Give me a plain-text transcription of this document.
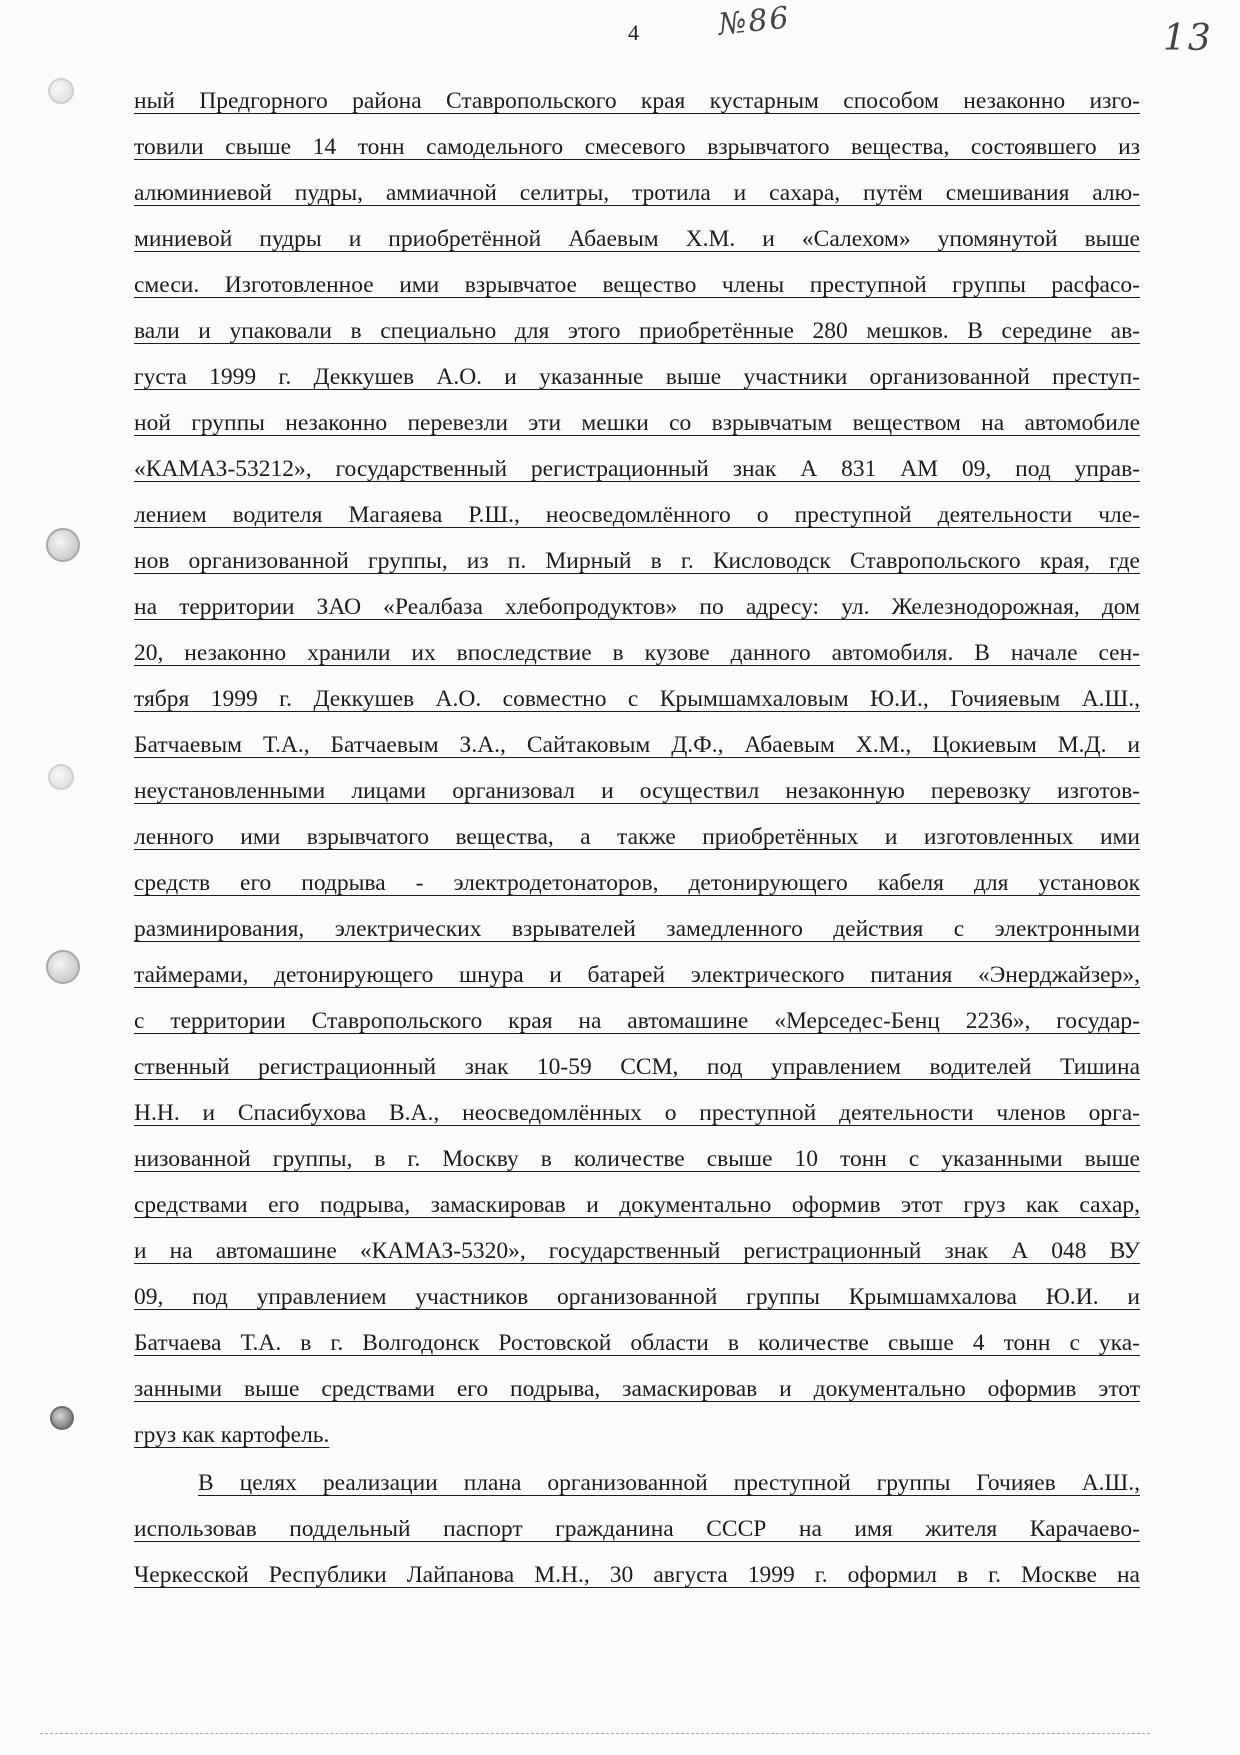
4	№86	13
ный Предгорного района Ставропольского края кустарным способом незаконно изго-
товили свыше 14 тонн самодельного смесевого взрывчатого вещества, состоявшего из
алюминиевой пудры, аммиачной селитры, тротила и сахара, путём смешивания алю-
миниевой пудры и приобретённой Абаевым Х.М. и «Салехом» упомянутой выше
смеси. Изготовленное ими взрывчатое вещество члены преступной группы расфасо-
вали и упаковали в специально для этого приобретённые 280 мешков. В середине ав-
густа 1999 г. Деккушев А.О. и указанные выше участники организованной преступ-
ной группы незаконно перевезли эти мешки со взрывчатым веществом на автомобиле
«КАМАЗ-53212», государственный регистрационный знак А 831 АМ 09, под управ-
лением водителя Магаяева Р.Ш., неосведомлённого о преступной деятельности чле-
нов организованной группы, из п. Мирный в г. Кисловодск Ставропольского края, где
на территории ЗАО «Реалбаза хлебопродуктов» по адресу: ул. Железнодорожная, дом
20, незаконно хранили их впоследствие в кузове данного автомобиля. В начале сен-
тября 1999 г. Деккушев А.О. совместно с Крымшамхаловым Ю.И., Гочияевым А.Ш.,
Батчаевым Т.А., Батчаевым З.А., Сайтаковым Д.Ф., Абаевым Х.М., Цокиевым М.Д. и
неустановленными лицами организовал и осуществил незаконную перевозку изготов-
ленного ими взрывчатого вещества, а также приобретённых и изготовленных ими
средств его подрыва - электродетонаторов, детонирующего кабеля для установок
разминирования, электрических взрывателей замедленного действия с электронными
таймерами, детонирующего шнура и батарей электрического питания «Энерджайзер»,
с территории Ставропольского края на автомашине «Мерседес-Бенц 2236», государ-
ственный регистрационный знак 10-59 ССМ, под управлением водителей Тишина
Н.Н. и Спасибухова В.А., неосведомлённых о преступной деятельности членов орга-
низованной группы, в г. Москву в количестве свыше 10 тонн с указанными выше
средствами его подрыва, замаскировав и документально оформив этот груз как сахар,
и на автомашине «КАМАЗ-5320», государственный регистрационный знак А 048 ВУ
09, под управлением участников организованной группы Крымшамхалова Ю.И. и
Батчаева Т.А. в г. Волгодонск Ростовской области в количестве свыше 4 тонн с ука-
занными выше средствами его подрыва, замаскировав и документально оформив этот
груз как картофель.
В целях реализации плана организованной преступной группы Гочияев А.Ш.,
использовав поддельный паспорт гражданина СССР на имя жителя Карачаево-
Черкесской Республики Лайпанова М.Н., 30 августа 1999 г. оформил в г. Москве на
